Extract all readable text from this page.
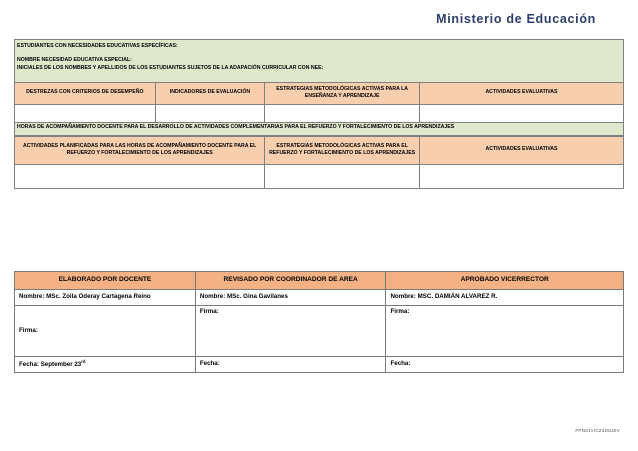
Ministerio de Educación
ESTUDIANTES CON NECESIDADES EDUCATIVAS ESPECÍFICAS:
NOMBRE NECESIDAD EDUCATIVA ESPECIAL:
INICIALES DE LOS NOMBRES Y APELLIDOS DE LOS ESTUDIANTES SUJETOS DE LA ADAPACIÓN CURRICULAR CON NEE:			

DESTREZAS CON CRITERIOS DE DESEMPEÑO	INDICADORES DE EVALUACIÓN	ESTRATEGIAS METODOLÓGICAS ACTIVAS PARA LA ENSEÑANZA Y APRENDIZAJE	ACTIVIDADES EVALUATIVAS

HORAS DE ACOMPAÑAMIENTO DOCENTE PARA EL DESARROLLO DE ACTIVIDADES COMPLEMENTARIAS PARA EL REFUERZO Y FORTALECIMIENTO DE LOS APRENDIZAJES			
ACTIVIDADES PLANIFICADAS PARA LAS HORAS DE ACOMPAÑAMIENTO DOCENTE PARA EL REFUERZO Y FORTALECIMIENTO DE LOS APRENDIZAJES	ESTRATEGIAS METODOLÓGICAS ACTIVAS PARA EL REFUERZO Y FORTALECIMIENTO DE LOS APRENDIZAJES	ACTIVIDADES EVALUATIVAS

ELABORADO POR DOCENTE	REVISADO POR COORDINADOR DE AREA	APROBADO VICERRECTOR
Nombre: MSc. Zoila Oderay Cartagena Reino	Nombre: MSc. Gina Gavilanes	Nombre: MSC. DAMIÁN ALVAREZ R.
Firma:	Firma:	Firma:
Fecha: September 23rd	Fecha:	Fecha:
FPN01VIC2425UEV
